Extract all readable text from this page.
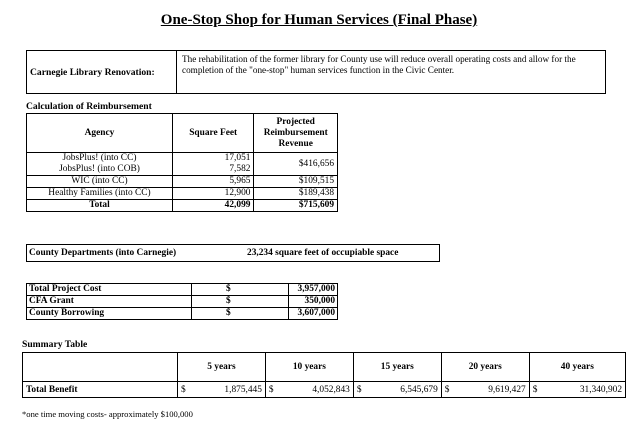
One-Stop Shop for Human Services (Final Phase)
Carnegie Library Renovation:
The rehabilitation of the former library for County use will reduce overall operating costs and allow for the completion of the "one-stop" human services function in the Civic Center.
Calculation of Reimbursement
Agency	Square Feet	Projected Reimbursement Revenue
JobsPlus! (into CC)	17,051	$416,656
JobsPlus! (into COB)	7,582	
WIC (into CC)	5,965	$109,515
Healthy Families (into CC)	12,900	$189,438
Total	42,099	$715,609
County Departments (into Carnegie)	23,234 square feet of occupiable space
Total Project Cost	$	3,957,000
CFA Grant	$	350,000
County Borrowing	$	3,607,000
Summary Table
	5 years	10 years	15 years	20 years	40 years
Total Benefit	$ 1,875,445	$ 4,052,843	$ 6,545,679	$ 9,619,427	$ 31,340,902
*one time moving costs- approximately $100,000
